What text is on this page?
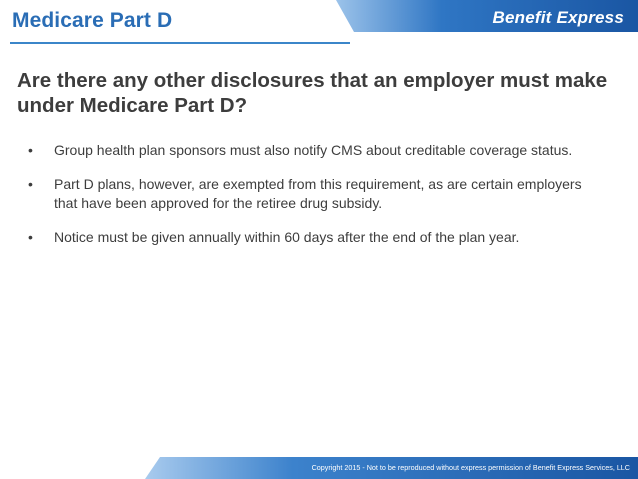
Medicare Part D	Benefit Express
Are there any other disclosures that an employer must make under Medicare Part D?
• Group health plan sponsors must also notify CMS about creditable coverage status.
• Part D plans, however, are exempted from this requirement, as are certain employers that have been approved for the retiree drug subsidy.
• Notice must be given annually within 60 days after the end of the plan year.
Copyright 2015 - Not to be reproduced without express permission of Benefit Express Services, LLC
